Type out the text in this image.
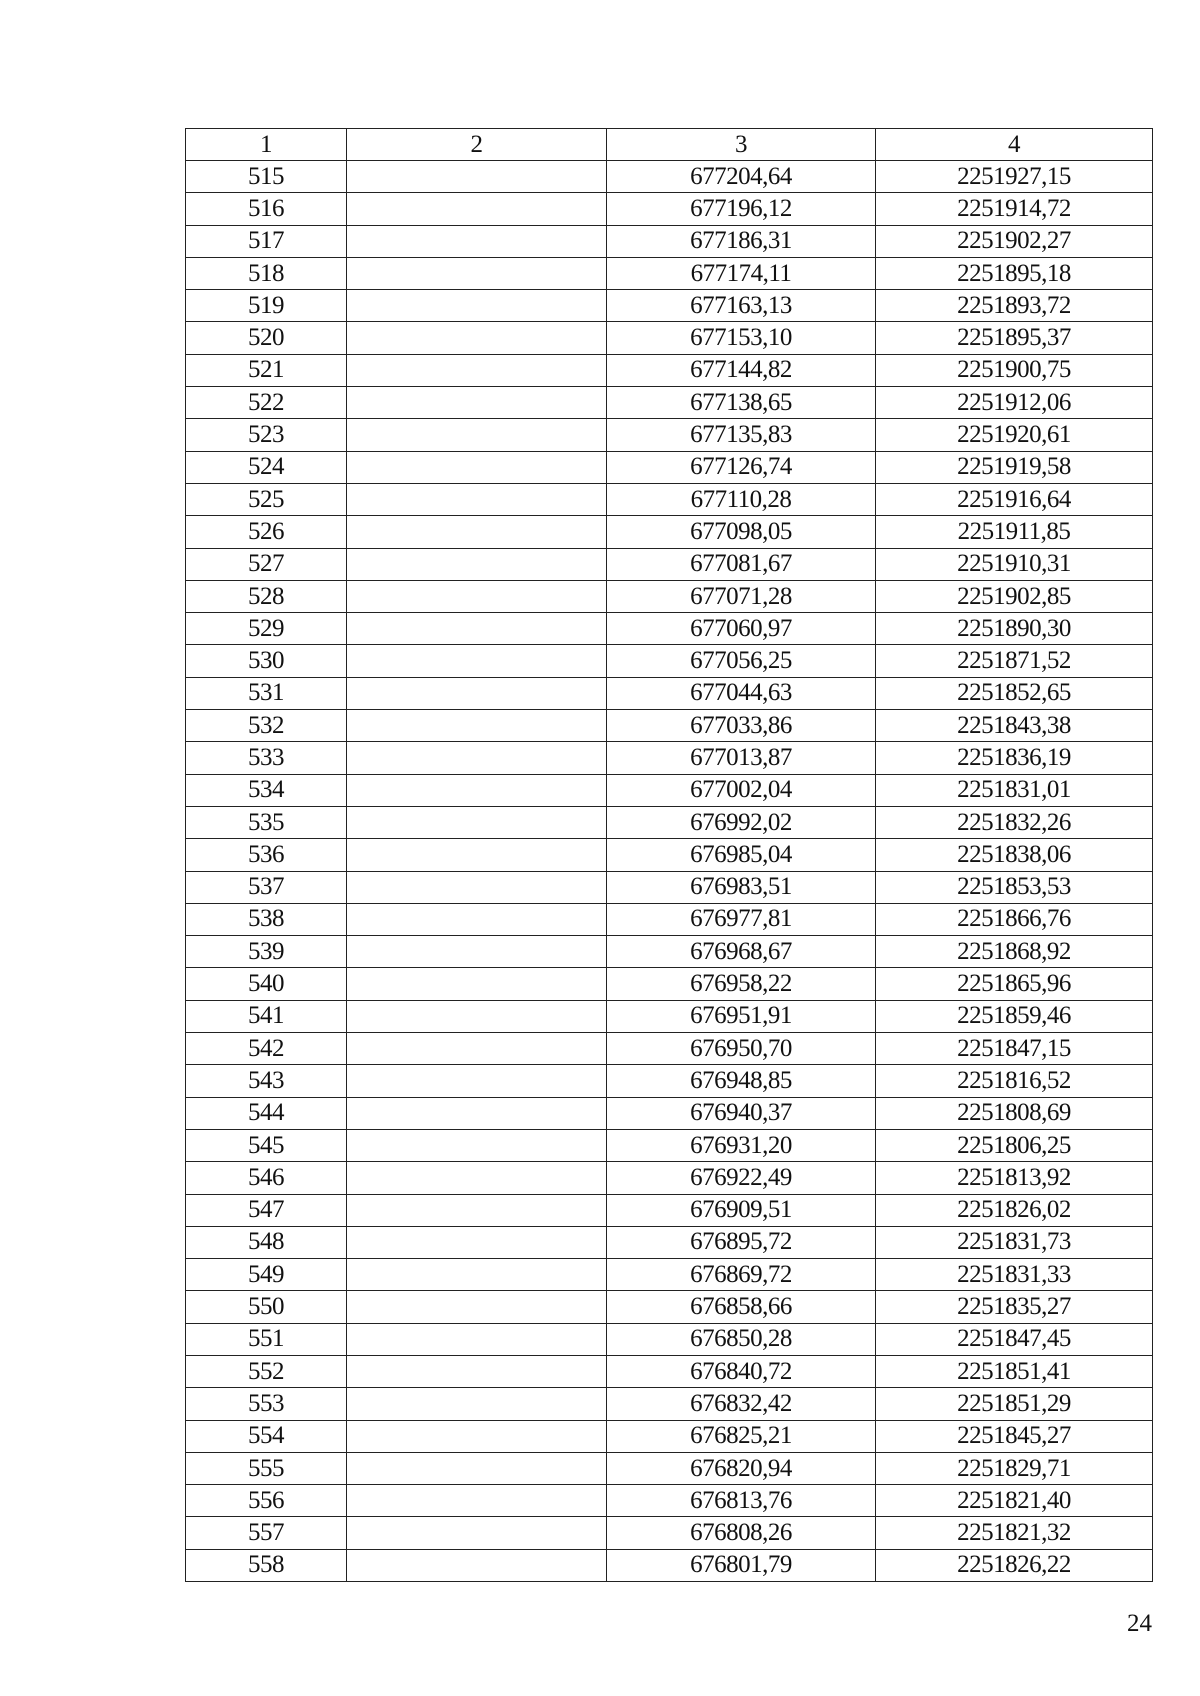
1	2	3	4
515		677204,64	2251927,15
516		677196,12	2251914,72
517		677186,31	2251902,27
518		677174,11	2251895,18
519		677163,13	2251893,72
520		677153,10	2251895,37
521		677144,82	2251900,75
522		677138,65	2251912,06
523		677135,83	2251920,61
524		677126,74	2251919,58
525		677110,28	2251916,64
526		677098,05	2251911,85
527		677081,67	2251910,31
528		677071,28	2251902,85
529		677060,97	2251890,30
530		677056,25	2251871,52
531		677044,63	2251852,65
532		677033,86	2251843,38
533		677013,87	2251836,19
534		677002,04	2251831,01
535		676992,02	2251832,26
536		676985,04	2251838,06
537		676983,51	2251853,53
538		676977,81	2251866,76
539		676968,67	2251868,92
540		676958,22	2251865,96
541		676951,91	2251859,46
542		676950,70	2251847,15
543		676948,85	2251816,52
544		676940,37	2251808,69
545		676931,20	2251806,25
546		676922,49	2251813,92
547		676909,51	2251826,02
548		676895,72	2251831,73
549		676869,72	2251831,33
550		676858,66	2251835,27
551		676850,28	2251847,45
552		676840,72	2251851,41
553		676832,42	2251851,29
554		676825,21	2251845,27
555		676820,94	2251829,71
556		676813,76	2251821,40
557		676808,26	2251821,32
558		676801,79	2251826,22
24
